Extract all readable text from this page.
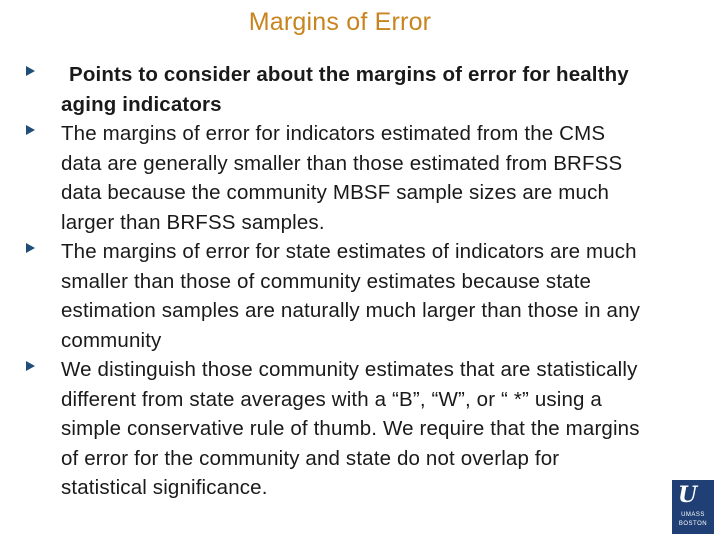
Margins of Error
Points to consider about the margins of error for healthy aging indicators
The margins of error for indicators estimated from the CMS data are generally smaller than those estimated from BRFSS data because the community MBSF sample sizes are much larger than BRFSS samples.
The margins of error for state estimates of indicators are much smaller than those of community estimates because state estimation samples are naturally much larger than those in any community
We distinguish those community estimates that are statistically different from state averages with a “B”, “W”, or “ *” using a simple conservative rule of thumb. We require that the margins of error for the community and state do not overlap for statistical significance.	U
UMASS
BOSTON
